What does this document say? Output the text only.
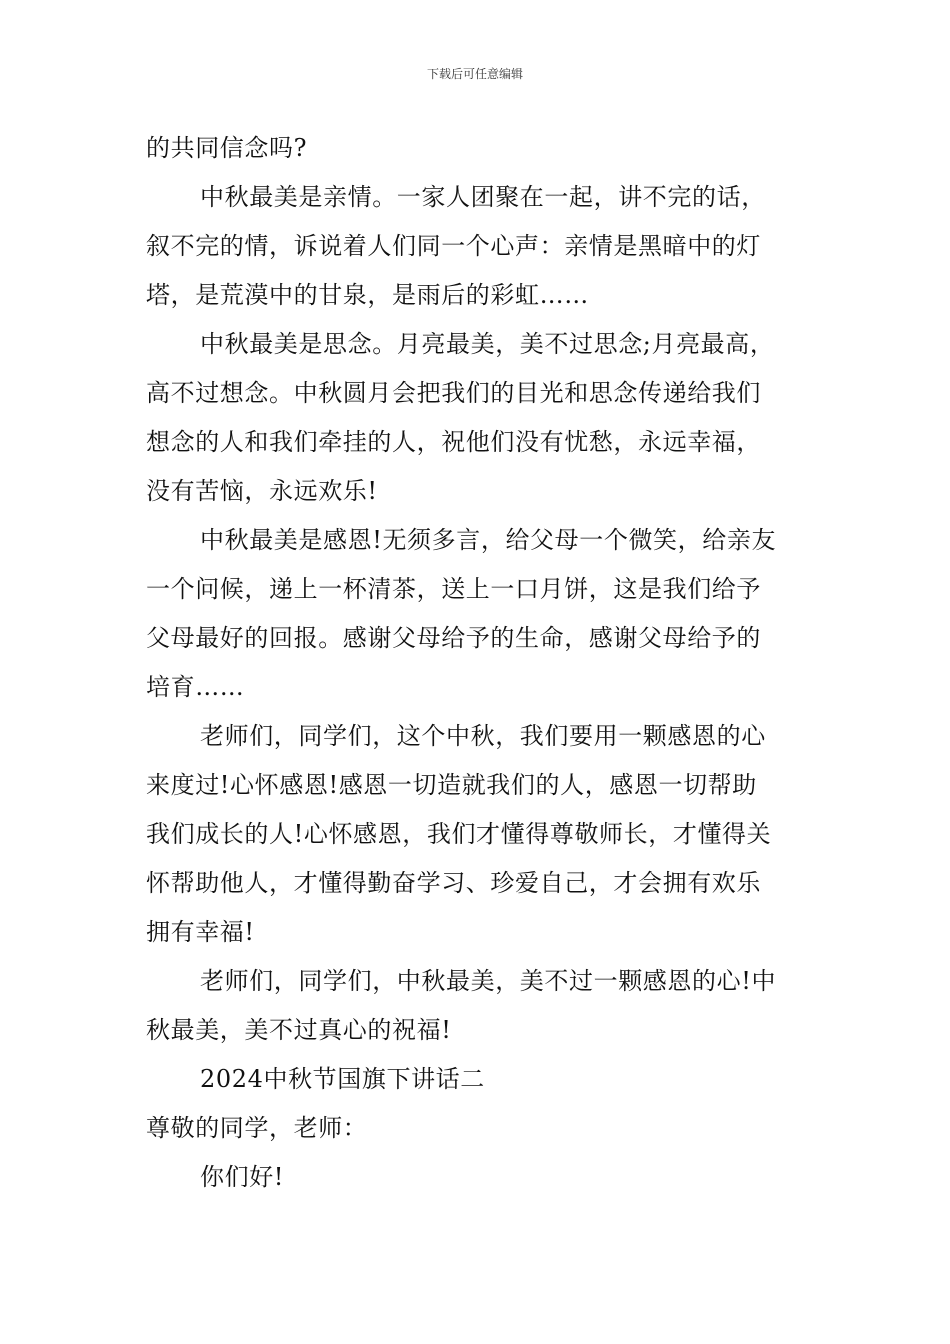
下载后可任意编辑
的共同信念吗?
中秋最美是亲情。一家人团聚在一起，讲不完的话，
叙不完的情，诉说着人们同一个心声：亲情是黑暗中的灯
塔，是荒漠中的甘泉，是雨后的彩虹……
中秋最美是思念。月亮最美，美不过思念;月亮最高，
高不过想念。中秋圆月会把我们的目光和思念传递给我们
想念的人和我们牵挂的人，祝他们没有忧愁，永远幸福，
没有苦恼，永远欢乐!
中秋最美是感恩!无须多言，给父母一个微笑，给亲友
一个问候，递上一杯清茶，送上一口月饼，这是我们给予
父母最好的回报。感谢父母给予的生命，感谢父母给予的
培育……
老师们，同学们，这个中秋，我们要用一颗感恩的心
来度过!心怀感恩!感恩一切造就我们的人，感恩一切帮助
我们成长的人!心怀感恩，我们才懂得尊敬师长，才懂得关
怀帮助他人，才懂得勤奋学习、珍爱自己，才会拥有欢乐
拥有幸福!
老师们，同学们，中秋最美，美不过一颗感恩的心!中
秋最美，美不过真心的祝福!
2024中秋节国旗下讲话二
尊敬的同学，老师：
你们好!
